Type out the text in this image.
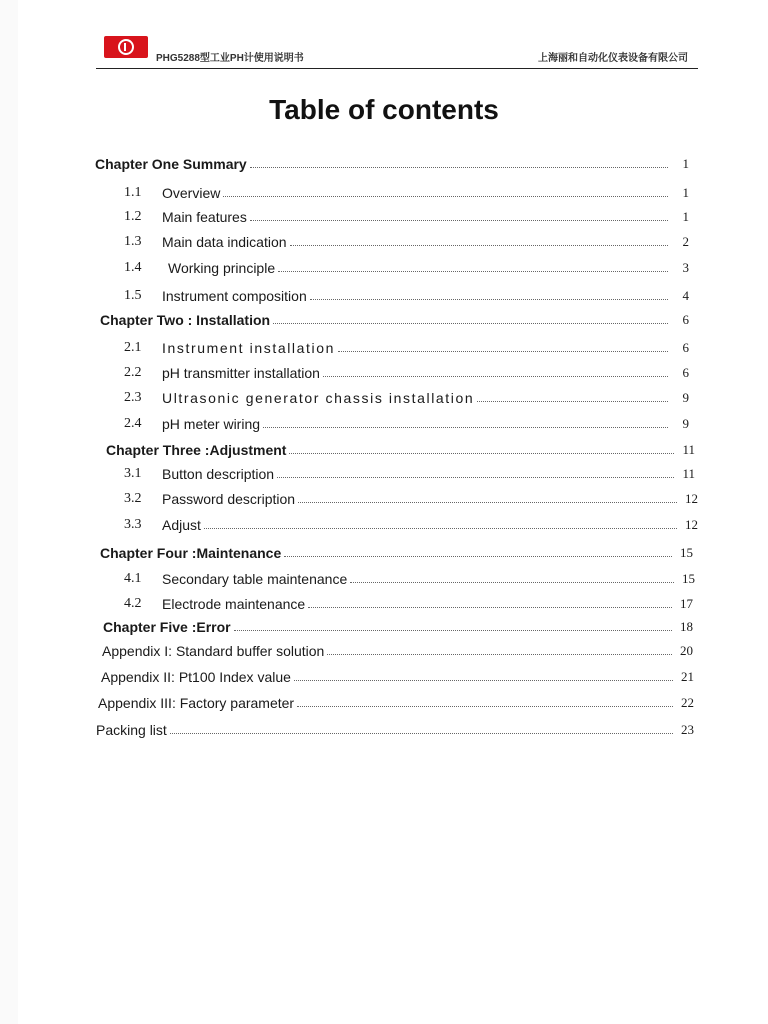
PHG5288型工业PH计使用说明书	上海丽和自动化仪表设备有限公司
Table of contents
Chapter One Summary	1
1.1	Overview	1
1.2	Main features	1
1.3	Main data indication	2
1.4	Working principle	3
1.5	Instrument composition	4
Chapter Two : Installation	6
2.1	Instrument installation	6
2.2	pH transmitter installation	6
2.3	Ultrasonic generator chassis installation	9
2.4	pH meter wiring	9
Chapter Three :Adjustment	11
3.1	Button description	11
3.2	Password description	12
3.3	Adjust	12
Chapter Four :Maintenance	15
4.1	Secondary table maintenance	15
4.2	Electrode maintenance	17
Chapter Five :Error	18
Appendix I: Standard buffer solution	20
Appendix II: Pt100 Index value	21
Appendix III: Factory parameter	22
Packing list	23
